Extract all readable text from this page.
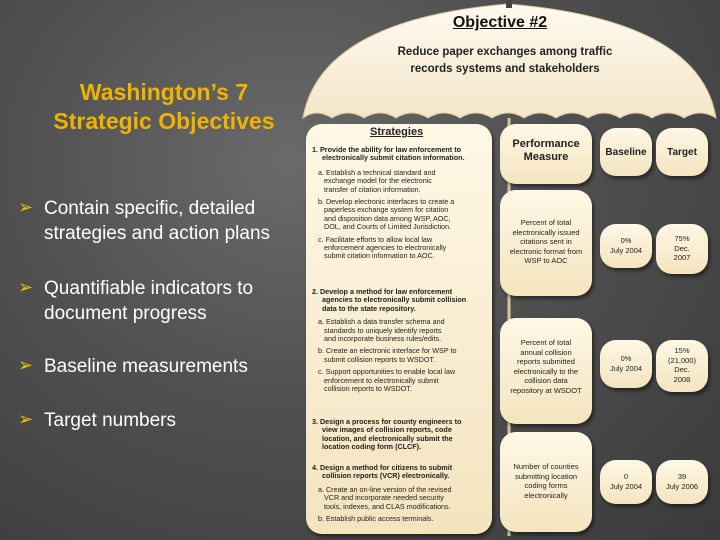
Washington’s 7
Strategic Objectives
➢ Contain specific, detailed
strategies and action plans
➢ Quantifiable indicators to
document progress
➢ Baseline measurements
➢ Target numbers
Objective #2
Reduce paper exchanges among traffic
records systems and stakeholders
Strategies
1. Provide the ability for law enforcement to
electronically submit citation information.
a. Establish a technical standard and
exchange model for the electronic
transfer of citation information.
b. Develop electronic interfaces to create a
paperless exchange system for citation
and disposition data among WSP, AOC,
DOL, and Courts of Limited Jurisdiction.
c. Facilitate efforts to allow local law
enforcement agencies to electronically
submit citation information to AOC.
2. Develop a method for law enforcement
agencies to electronically submit collision
data to the state repository.
a. Establish a data transfer schema and
standards to uniquely identify reports
and incorporate business rules/edits.
b. Create an electronic interface for WSP to
submit collision reports to WSDOT.
c. Support opportunities to enable local law
enforcement to electronically submit
collision reports to WSDOT.
3. Design a process for county engineers to
view images of collision reports, code
location, and electronically submit the
location coding form (CLCF).
4. Design a method for citizens to submit
collision reports (VCR) electronically.
a. Create an on-line version of the revised
VCR and incorporate needed security
tools, indexes, and CLAS modifications.
b. Establish public access terminals.
Performance
Measure	Baseline	Target
Percent of total
electronically issued
citations sent in
electronic format from
WSP to AOC
0%
July 2004
75%
Dec.
2007
Percent of total
annual collision
reports submitted
electronically to the
collision data
repository at WSDOT
0%
July 2004
15%
(21,000)
Dec.
2008
Number of counties
submitting location
coding forms
electronically
0
July 2004
39
July 2006
